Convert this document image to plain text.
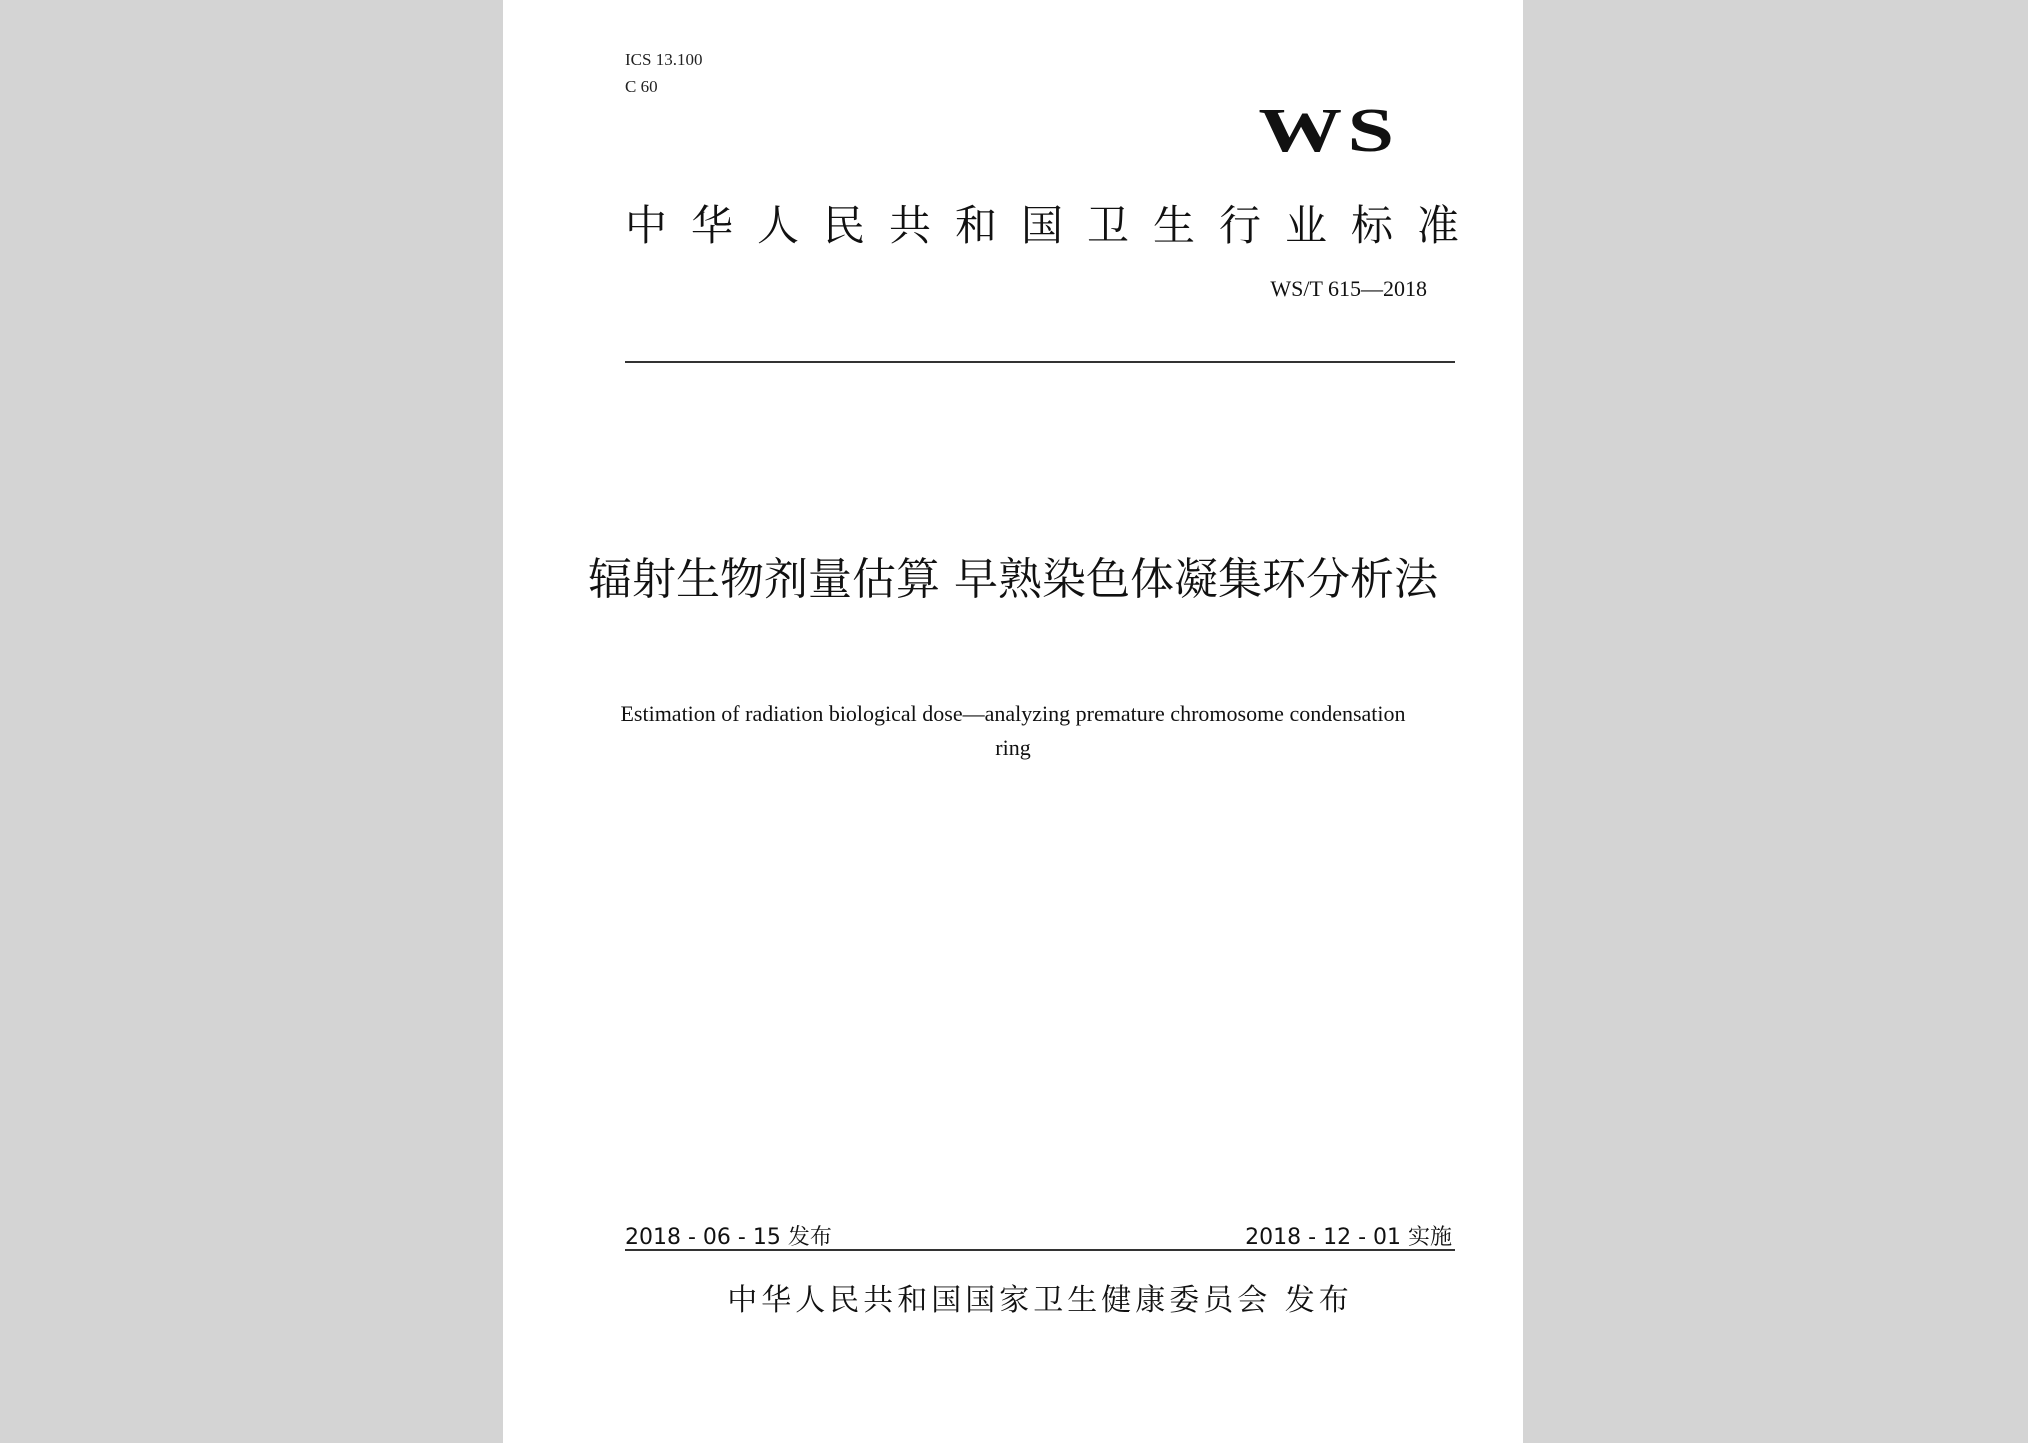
ICS 13.100
C 60
WS
中华人民共和国卫生行业标准
WS/T 615—2018
辐射生物剂量估算 早熟染色体凝集环分析法
Estimation of radiation biological dose—analyzing premature chromosome condensation ring
2018 - 06 - 15 发布	2018 - 12 - 01 实施
中华人民共和国国家卫生健康委员会 发布
